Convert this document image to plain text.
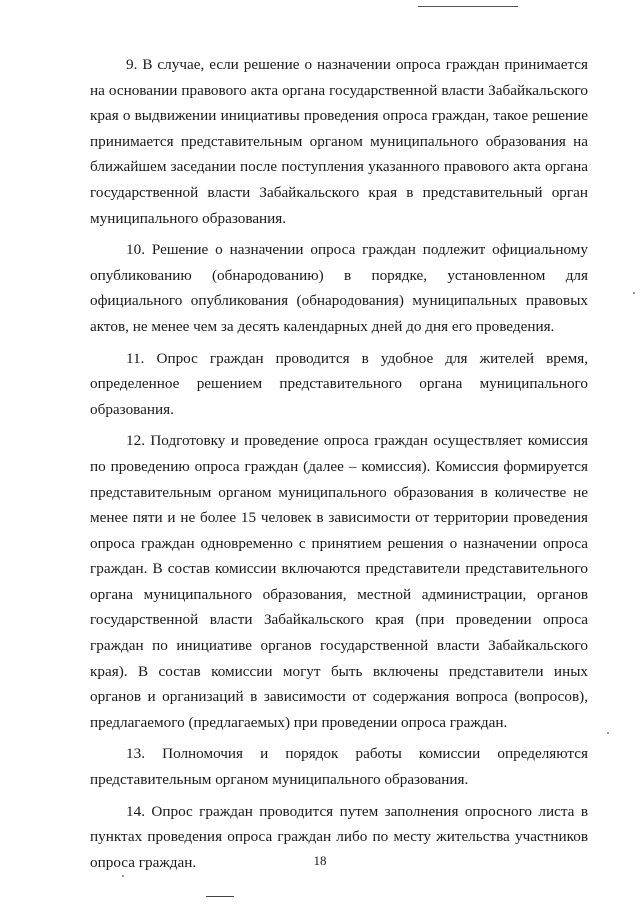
9. В случае, если решение о назначении опроса граждан принимается на основании правового акта органа государственной власти Забайкальского края о выдвижении инициативы проведения опроса граждан, такое решение принимается представительным органом муниципального образования на ближайшем заседании после поступления указанного правового акта органа государственной власти Забайкальского края в представительный орган муниципального образования.

10. Решение о назначении опроса граждан подлежит официальному опубликованию (обнародованию) в порядке, установленном для официального опубликования (обнародования) муниципальных правовых актов, не менее чем за десять календарных дней до дня его проведения.

11. Опрос граждан проводится в удобное для жителей время, определенное решением представительного органа муниципального образования.

12. Подготовку и проведение опроса граждан осуществляет комиссия по проведению опроса граждан (далее – комиссия). Комиссия формируется представительным органом муниципального образования в количестве не менее пяти и не более 15 человек в зависимости от территории проведения опроса граждан одновременно с принятием решения о назначении опроса граждан. В состав комиссии включаются представители представительного органа муниципального образования, местной администрации, органов государственной власти Забайкальского края (при проведении опроса граждан по инициативе органов государственной власти Забайкальского края). В состав комиссии могут быть включены представители иных органов и организаций в зависимости от содержания вопроса (вопросов), предлагаемого (предлагаемых) при проведении опроса граждан.

13. Полномочия и порядок работы комиссии определяются представительным органом муниципального образования.

14. Опрос граждан проводится путем заполнения опросного листа в пунктах проведения опроса граждан либо по месту жительства участников опроса граждан.	18
